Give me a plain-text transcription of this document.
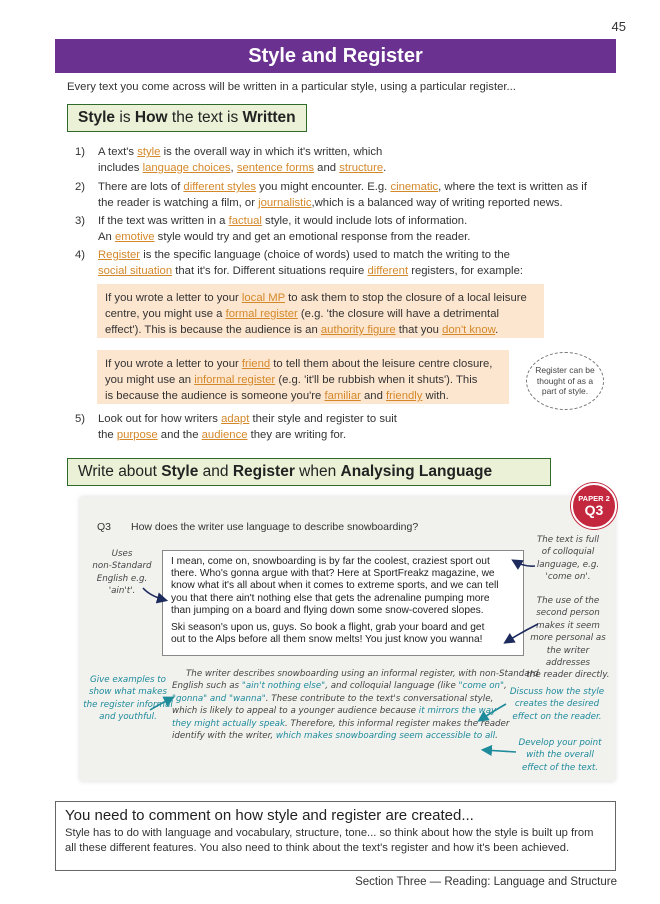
45
Style and Register
Every text you come across will be written in a particular style, using a particular register...
Style is How the text is Written
1) A text's style is the overall way in which it's written, which
includes language choices, sentence forms and structure.
2) There are lots of different styles you might encounter. E.g. cinematic, where the text is written as if
the reader is watching a film, or journalistic,which is a balanced way of writing reported news.
3) If the text was written in a factual style, it would include lots of information.
An emotive style would try and get an emotional response from the reader.
4) Register is the specific language (choice of words) used to match the writing to the
social situation that it's for. Different situations require different registers, for example:
If you wrote a letter to your local MP to ask them to stop the closure of a local leisure
centre, you might use a formal register (e.g. 'the closure will have a detrimental
effect'). This is because the audience is an authority figure that you don't know.
If you wrote a letter to your friend to tell them about the leisure centre closure,
you might use an informal register (e.g. 'it'll be rubbish when it shuts'). This
is because the audience is someone you're familiar and friendly with.
Register can be
thought of as a
part of style.
5) Look out for how writers adapt their style and register to suit
the purpose and the audience they are writing for.
Write about Style and Register when Analysing Language
PAPER 2
Q3
Q3 How does the writer use language to describe snowboarding?
I mean, come on, snowboarding is by far the coolest, craziest sport out
there. Who's gonna argue with that? Here at SportFreakz magazine, we
know what it's all about when it comes to extreme sports, and we can tell
you that there ain't nothing else that gets the adrenaline pumping more
than jumping on a board and flying down some snow-covered slopes.
Ski season's upon us, guys. So book a flight, grab your board and get
out to the Alps before all them snow melts! You just know you wanna!
Uses
non-Standard
English e.g. 'ain't'.
The text is full
of colloquial
language, e.g.
'come on'.
The use of the
second person
makes it seem
more personal as
the writer addresses
the reader directly.
Give examples to
show what makes
the register informal
and youthful.
Discuss how the style
creates the desired
effect on the reader.
Develop your point
with the overall
effect of the text.
The writer describes snowboarding using an informal register, with non-Standard
English such as "ain't nothing else", and colloquial language (like "come on",
"gonna" and "wanna". These contribute to the text's conversational style,
which is likely to appeal to a younger audience because it mirrors the way
they might actually speak. Therefore, this informal register makes the reader
identify with the writer, which makes snowboarding seem accessible to all.
You need to comment on how style and register are created...
Style has to do with language and vocabulary, structure, tone... so think about how the style is built up from
all these different features. You also need to think about the text's register and how it's been achieved.
Section Three — Reading: Language and Structure
